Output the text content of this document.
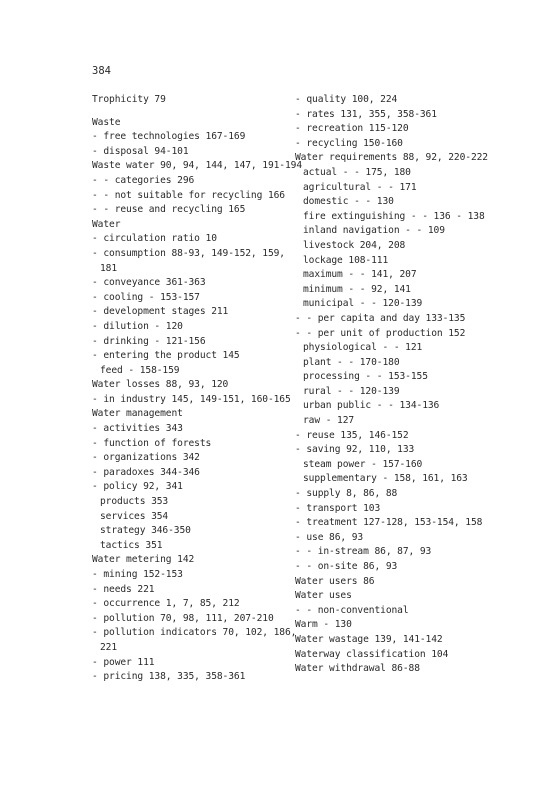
384
Trophicity 79
Waste
- free technologies 167-169
- disposal 94-101
Waste water 90, 94, 144, 147, 191-194
- - categories 296
- - not suitable for recycling 166
- - reuse and recycling 165
Water
- circulation ratio 10
- consumption 88-93, 149-152, 159,
181
- conveyance 361-363
- cooling - 153-157
- development stages 211
- dilution - 120
- drinking - 121-156
- entering the product 145
feed - 158-159
Water losses 88, 93, 120
- in industry 145, 149-151, 160-165
Water management
- activities 343
- function of forests
- organizations 342
- paradoxes 344-346
- policy 92, 341
products 353
services 354
strategy 346-350
tactics 351
Water metering 142
- mining 152-153
- needs 221
- occurrence 1, 7, 85, 212
- pollution 70, 98, 111, 207-210
- pollution indicators 70, 102, 186,
221
- power 111
- pricing 138, 335, 358-361
- quality 100, 224
- rates 131, 355, 358-361
- recreation 115-120
- recycling 150-160
Water requirements 88, 92, 220-222
actual - - 175, 180
agricultural - - 171
domestic - - 130
fire extinguishing - - 136 - 138
inland navigation - - 109
livestock 204, 208
lockage 108-111
maximum - - 141, 207
minimum - - 92, 141
municipal - - 120-139
- - per capita and day 133-135
- - per unit of production 152
physiological - - 121
plant - - 170-180
processing - - 153-155
rural - - 120-139
urban public - - 134-136
raw - 127
- reuse 135, 146-152
- saving 92, 110, 133
steam power - 157-160
supplementary - 158, 161, 163
- supply 8, 86, 88
- transport 103
- treatment 127-128, 153-154, 158
- use 86, 93
- - in-stream 86, 87, 93
- - on-site 86, 93
Water users 86
Water uses
- - non-conventional
Warm - 130
Water wastage 139, 141-142
Waterway classification 104
Water withdrawal 86-88
